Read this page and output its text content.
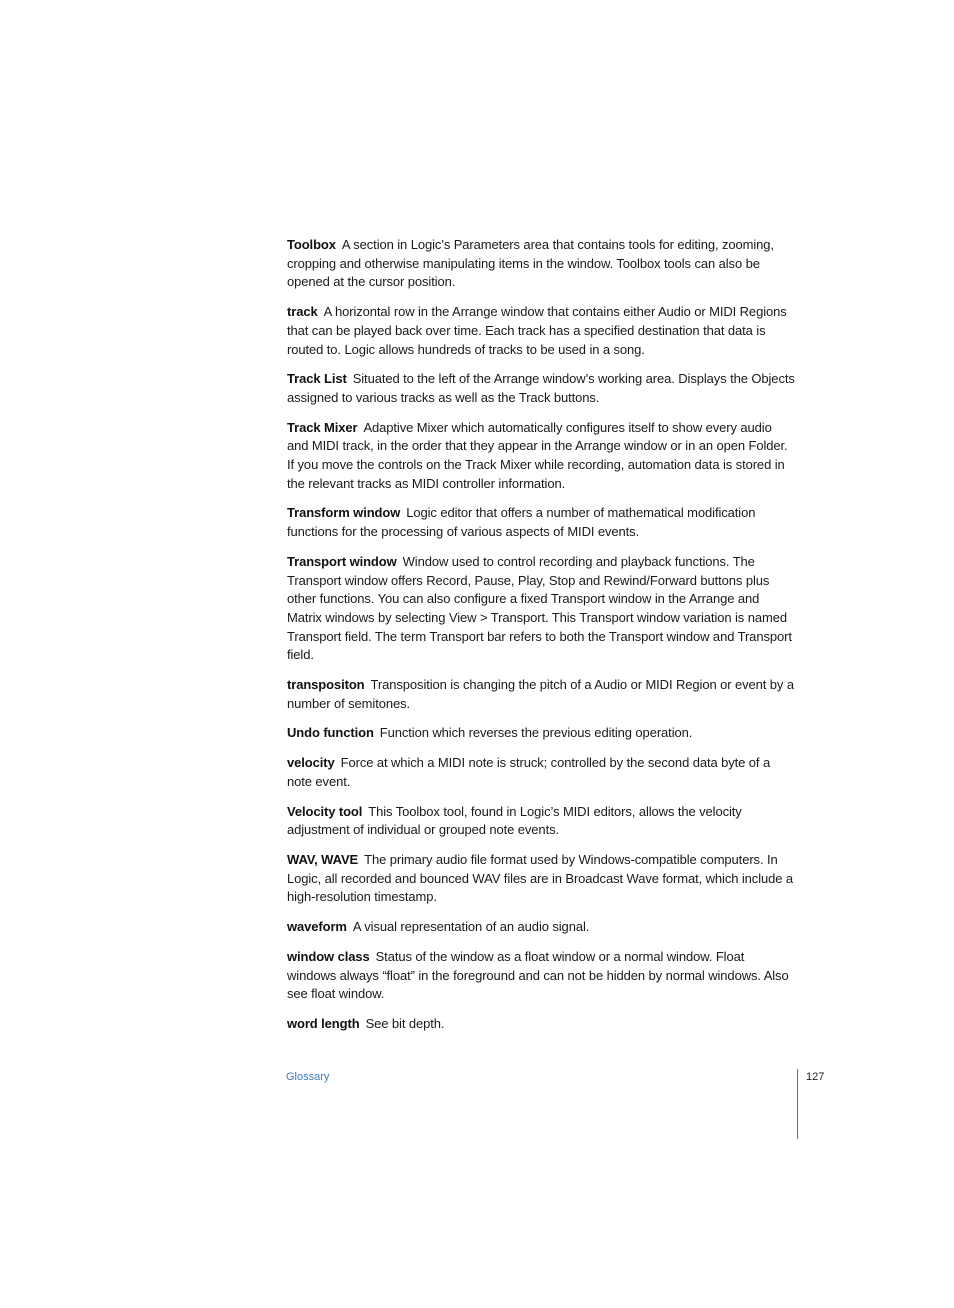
Toolbox A section in Logic’s Parameters area that contains tools for editing, zooming, cropping and otherwise manipulating items in the window. Toolbox tools can also be opened at the cursor position.

track A horizontal row in the Arrange window that contains either Audio or MIDI Regions that can be played back over time. Each track has a specified destination that data is routed to. Logic allows hundreds of tracks to be used in a song.

Track List Situated to the left of the Arrange window’s working area. Displays the Objects assigned to various tracks as well as the Track buttons.

Track Mixer Adaptive Mixer which automatically configures itself to show every audio and MIDI track, in the order that they appear in the Arrange window or in an open Folder. If you move the controls on the Track Mixer while recording, automation data is stored in the relevant tracks as MIDI controller information.

Transform window Logic editor that offers a number of mathematical modification functions for the processing of various aspects of MIDI events.

Transport window Window used to control recording and playback functions. The Transport window offers Record, Pause, Play, Stop and Rewind/Forward buttons plus other functions. You can also configure a fixed Transport window in the Arrange and Matrix windows by selecting View > Transport. This Transport window variation is named Transport field. The term Transport bar refers to both the Transport window and Transport field.

transpositon Transposition is changing the pitch of a Audio or MIDI Region or event by a number of semitones.

Undo function Function which reverses the previous editing operation.

velocity Force at which a MIDI note is struck; controlled by the second data byte of a note event.

Velocity tool This Toolbox tool, found in Logic’s MIDI editors, allows the velocity adjustment of individual or grouped note events.

WAV, WAVE The primary audio file format used by Windows-compatible computers. In Logic, all recorded and bounced WAV files are in Broadcast Wave format, which include a high-resolution timestamp.

waveform A visual representation of an audio signal.

window class Status of the window as a float window or a normal window. Float windows always “float” in the foreground and can not be hidden by normal windows. Also see float window.

word length See bit depth.

Glossary	127
